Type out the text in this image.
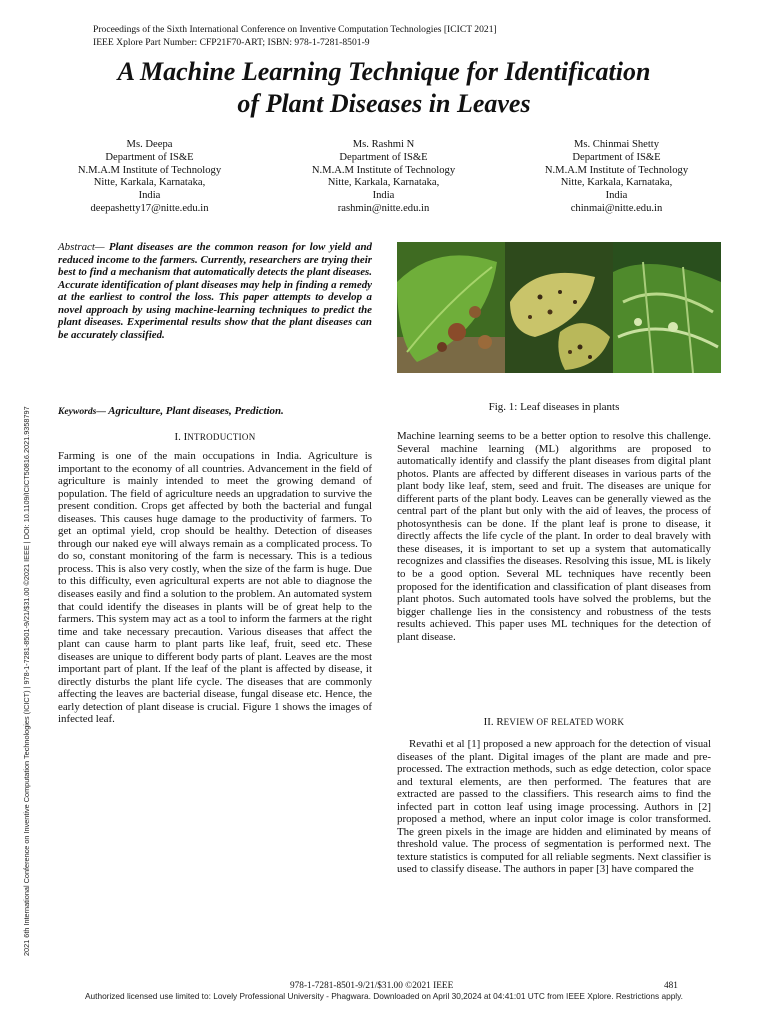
Proceedings of the Sixth International Conference on Inventive Computation Technologies [ICICT 2021]
IEEE Xplore Part Number: CFP21F70-ART; ISBN: 978-1-7281-8501-9
A Machine Learning Technique for Identification
of Plant Diseases in Leaves
Ms. Deepa
Department of IS&E
N.M.A.M Institute of Technology
Nitte, Karkala, Karnataka,
India
deepashetty17@nitte.edu.in
Ms. Rashmi N
Department of IS&E
N.M.A.M Institute of Technology
Nitte, Karkala, Karnataka,
India
rashmin@nitte.edu.in
Ms. Chinmai Shetty
Department of IS&E
N.M.A.M Institute of Technology
Nitte, Karkala, Karnataka,
India
chinmai@nitte.edu.in
2021 6th International Conference on Inventive Computation Technologies (ICICT) | 978-1-7281-8501-9/21/$31.00 ©2021 IEEE | DOI: 10.1109/ICICT50816.2021.9358797
Abstract— Plant diseases are the common reason for low yield and reduced income to the farmers. Currently, researchers are trying their best to find a mechanism that automatically detects the plant diseases. Accurate identification of plant diseases may help in finding a remedy at the earliest to control the loss. This paper attempts to develop a novel approach by using machine-learning techniques to predict the plant diseases. Experimental results show that the plant diseases can be accurately classified.
Keywords— Agriculture, Plant diseases, Prediction.
I. INTRODUCTION

Farming is one of the main occupations in India. Agriculture is important to the economy of all countries. Advancement in the field of agriculture is mainly intended to meet the growing demand of population. The field of agriculture needs an upgradation to survive the present condition. Crops get affected by both the bacterial and fungal diseases. This causes huge damage to the productivity of farmers. To get an optimal yield, crop should be healthy. Detection of diseases through our naked eye will always remain as a complicated process. To do so, constant monitoring of the farm is necessary. This is a tedious process. This is also very costly, when the size of the farm is huge. Due to this difficulty, even agricultural experts are not able to diagnose the diseases easily and find a solution to the problem. An automated system that could identify the diseases in plants will be of great help to the farmers. This system may act as a tool to inform the farmers at the right time and take necessary precaution. Various diseases that affect the plant can cause harm to plant parts like leaf, fruit, seed etc. These diseases are unique to different body parts of plant. Leaves are the most important part of plant. If the leaf of the plant is affected by disease, it directly disturbs the plant life cycle. The diseases that are commonly affecting the leaves are bacterial disease, fungal disease etc. Hence, the early detection of plant disease is crucial. Figure 1 shows the images of infected leaf.

Fig. 1: Leaf diseases in plants

Machine learning seems to be a better option to resolve this challenge. Several machine learning (ML) algorithms are proposed to automatically identify and classify the plant diseases from digital plant photos. Plants are affected by different diseases in various parts of the plant body like leaf, stem, seed and fruit. The diseases are unique for different parts of the plant body. Leaves can be generally viewed as the central part of the plant but only with the aid of leaves, the process of photosynthesis can be done. If the plant leaf is prone to disease, it directly affects the life cycle of the plant. In order to deal bravely with these diseases, it is important to set up a system that automatically recognizes and classifies the diseases. Resolving this issue, ML is likely to be a good option. Several ML techniques have recently been proposed for the identification and classification of plant diseases from plant photos. Such automated tools have solved the problems, but the bigger challenge lies in the consistency and robustness of the tests results achieved. This paper uses ML techniques for the detection of plant disease.

II. REVIEW OF RELATED WORK

Revathi et al [1] proposed a new approach for the detection of visual diseases of the plant. Digital images of the plant are made and pre-processed. The extraction methods, such as edge detection, color space and textural elements, are then performed. The features that are extracted are passed to the classifiers. This research aims to find the infected part in cotton leaf using image processing. Authors in [2] proposed a method, where an input color image is color transformed. The green pixels in the image are hidden and eliminated by means of threshold value. The process of segmentation is performed next. The texture statistics is computed for all reliable segments. Next classifier is used to classify disease. The authors in paper [3] have compared the

978-1-7281-8501-9/21/$31.00 ©2021 IEEE	481
Authorized licensed use limited to: Lovely Professional University - Phagwara. Downloaded on April 30,2024 at 04:41:01 UTC from IEEE Xplore. Restrictions apply.
